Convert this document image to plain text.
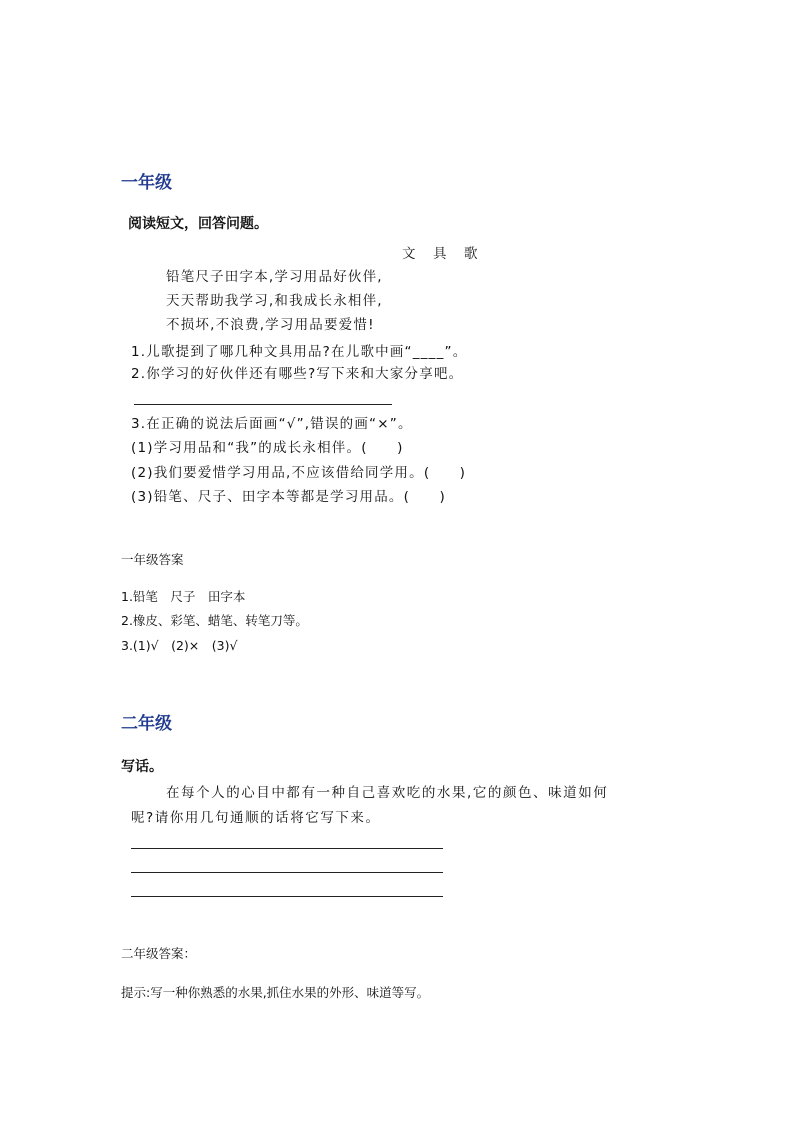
一年级
阅读短文，回答问题。
文　具　歌
铅笔尺子田字本,学习用品好伙伴,
天天帮助我学习,和我成长永相伴,
不损坏,不浪费,学习用品要爱惜!
1.儿歌提到了哪几种文具用品?在儿歌中画“____”。
2.你学习的好伙伴还有哪些?写下来和大家分享吧。
3.在正确的说法后面画“√”,错误的画“×”。
(1)学习用品和“我”的成长永相伴。(　　)
(2)我们要爱惜学习用品,不应该借给同学用。(　　)
(3)铅笔、尺子、田字本等都是学习用品。(　　)
一年级答案
1.铅笔　尺子　田字本
2.橡皮、彩笔、蜡笔、转笔刀等。
3.(1)√　(2)×　(3)√
二年级
写话。
在每个人的心目中都有一种自己喜欢吃的水果,它的颜色、味道如何
呢?请你用几句通顺的话将它写下来。
二年级答案：
提示:写一种你熟悉的水果,抓住水果的外形、味道等写。
